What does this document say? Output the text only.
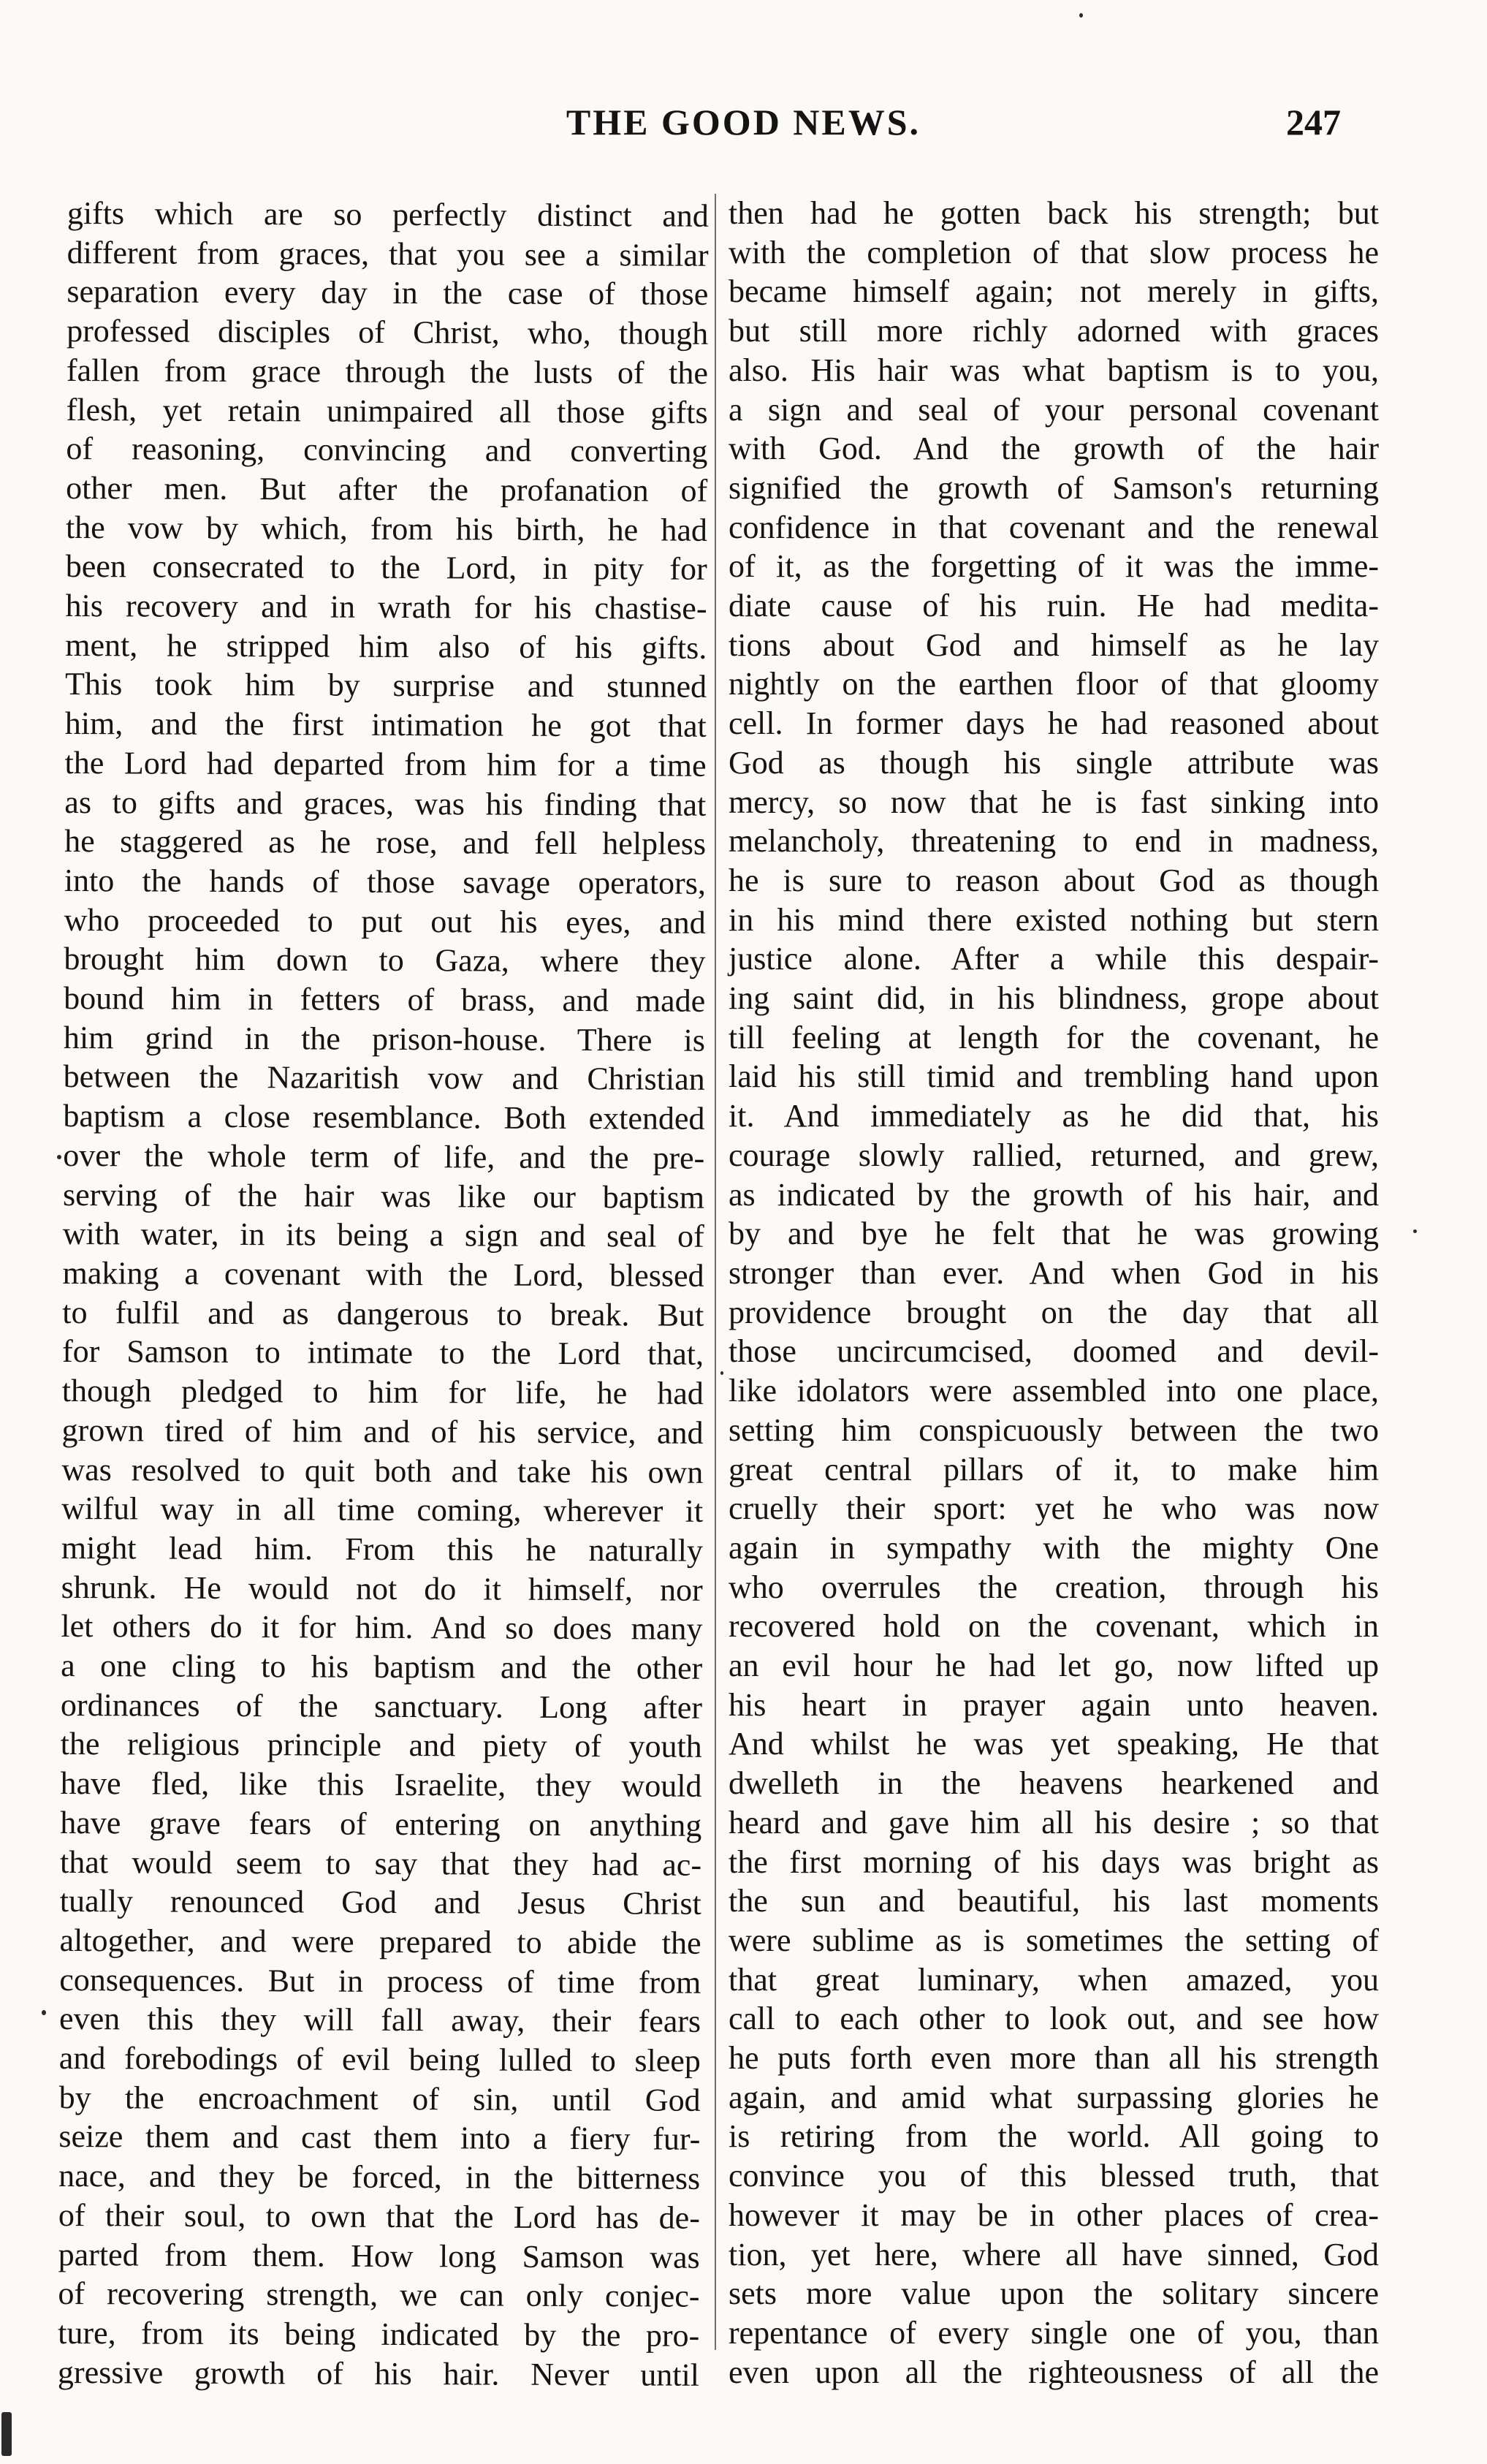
THE GOOD NEWS.	247

gifts which are so perfectly distinct and

different from graces, that you see a similar

separation every day in the case of those

professed disciples of Christ, who, though

fallen from grace through the lusts of the

flesh, yet retain unimpaired all those gifts

of reasoning, convincing and converting

other men. But after the profanation of

the vow by which, from his birth, he had

been consecrated to the Lord, in pity for

his recovery and in wrath for his chastise-

ment, he stripped him also of his gifts.

This took him by surprise and stunned

him, and the first intimation he got that

the Lord had departed from him for a time

as to gifts and graces, was his finding that

he staggered as he rose, and fell helpless

into the hands of those savage operators,

who proceeded to put out his eyes, and

brought him down to Gaza, where they

bound him in fetters of brass, and made

him grind in the prison-house. There is

between the Nazaritish vow and Christian

baptism a close resemblance. Both extended

over the whole term of life, and the pre-

serving of the hair was like our baptism

with water, in its being a sign and seal of

making a covenant with the Lord, blessed

to fulfil and as dangerous to break. But

for Samson to intimate to the Lord that,

though pledged to him for life, he had

grown tired of him and of his service, and

was resolved to quit both and take his own

wilful way in all time coming, wherever it

might lead him. From this he naturally

shrunk. He would not do it himself, nor

let others do it for him. And so does many

a one cling to his baptism and the other

ordinances of the sanctuary. Long after

the religious principle and piety of youth

have fled, like this Israelite, they would

have grave fears of entering on anything

that would seem to say that they had ac-

tually renounced God and Jesus Christ

altogether, and were prepared to abide the

consequences. But in process of time from

even this they will fall away, their fears

and forebodings of evil being lulled to sleep

by the encroachment of sin, until God

seize them and cast them into a fiery fur-

nace, and they be forced, in the bitterness

of their soul, to own that the Lord has de-

parted from them. How long Samson was

of recovering strength, we can only conjec-

ture, from its being indicated by the pro-

gressive growth of his hair. Never until

then had he gotten back his strength; but

with the completion of that slow process he

became himself again; not merely in gifts,

but still more richly adorned with graces

also. His hair was what baptism is to you,

a sign and seal of your personal covenant

with God. And the growth of the hair

signified the growth of Samson's returning

confidence in that covenant and the renewal

of it, as the forgetting of it was the imme-

diate cause of his ruin. He had medita-

tions about God and himself as he lay

nightly on the earthen floor of that gloomy

cell. In former days he had reasoned about

God as though his single attribute was

mercy, so now that he is fast sinking into

melancholy, threatening to end in madness,

he is sure to reason about God as though

in his mind there existed nothing but stern

justice alone. After a while this despair-

ing saint did, in his blindness, grope about

till feeling at length for the covenant, he

laid his still timid and trembling hand upon

it. And immediately as he did that, his

courage slowly rallied, returned, and grew,

as indicated by the growth of his hair, and

by and bye he felt that he was growing

stronger than ever. And when God in his

providence brought on the day that all

those uncircumcised, doomed and devil-

like idolators were assembled into one place,

setting him conspicuously between the two

great central pillars of it, to make him

cruelly their sport: yet he who was now

again in sympathy with the mighty One

who overrules the creation, through his

recovered hold on the covenant, which in

an evil hour he had let go, now lifted up

his heart in prayer again unto heaven.

And whilst he was yet speaking, He that

dwelleth in the heavens hearkened and

heard and gave him all his desire ; so that

the first morning of his days was bright as

the sun and beautiful, his last moments

were sublime as is sometimes the setting of

that great luminary, when amazed, you

call to each other to look out, and see how

he puts forth even more than all his strength

again, and amid what surpassing glories he

is retiring from the world. All going to

convince you of this blessed truth, that

however it may be in other places of crea-

tion, yet here, where all have sinned, God

sets more value upon the solitary sincere

repentance of every single one of you, than

even upon all the righteousness of all the
